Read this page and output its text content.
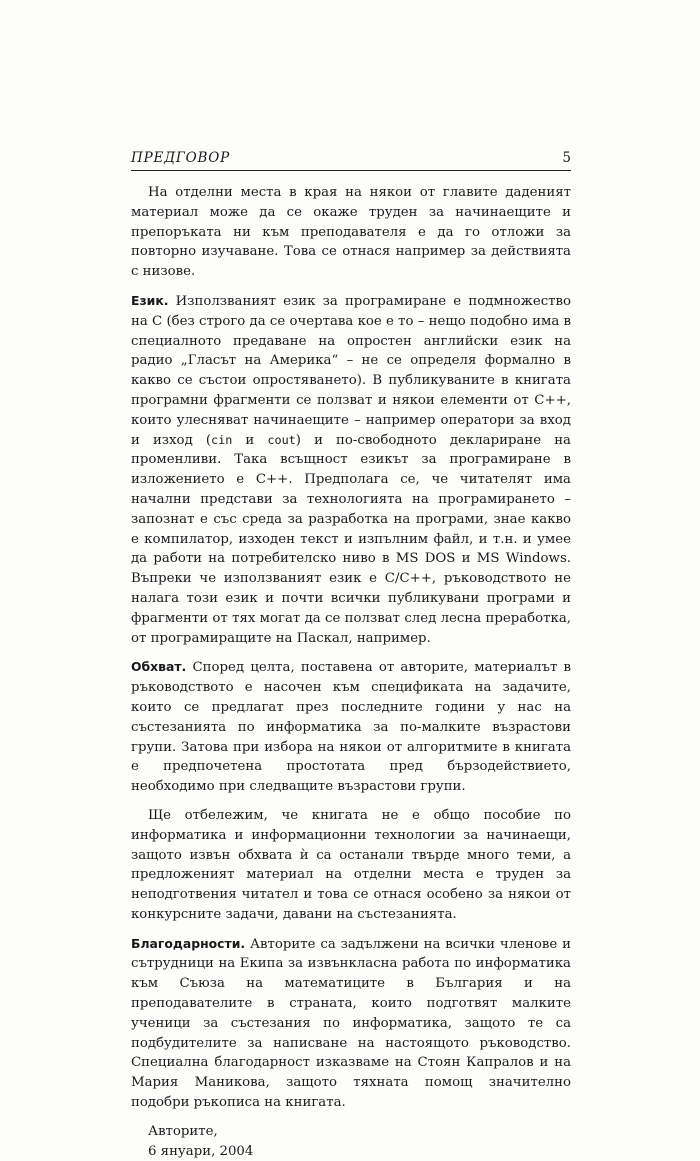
ПРЕДГОВОР	5

На отделни места в края на някои от главите даденият материал може да се окаже труден за начинаещите и препоръката ни към преподавателя е да го отложи за повторно изучаване. Това се отнася например за действията с низове.

Език. Използваният език за програмиране е подмножество на C (без строго да се очертава кое е то – нещо подобно има в специалното предаване на опростен английски език на радио „Гласът на Америка“ – не се определя формално в какво се състои опростяването). В публикуваните в книгата програмни фрагменти се ползват и някои елементи от C++, които улесняват начинаещите – например оператори за вход и изход (cin и cout) и по-свободното деклариране на променливи. Така всъщност езикът за програмиране в изложението е C++. Предполага се, че читателят има начални представи за технологията на програмирането – запознат е със среда за разработка на програми, знае какво е компилатор, изходен текст и изпълним файл, и т.н. и умее да работи на потребителско ниво в MS DOS и MS Windows. Въпреки че използваният език е C/C++, ръководството не налага този език и почти всички публикувани програми и фрагменти от тях могат да се ползват след лесна преработка, от програмиращите на Паскал, например.

Обхват. Според целта, поставена от авторите, материалът в ръководството е насочен към спецификата на задачите, които се предлагат през последните години у нас на състезанията по информатика за по-малките възрастови групи. Затова при избора на някои от алгоритмите в книгата е предпочетена простотата пред бързодействието, необходимо при следващите възрастови групи.

Ще отбележим, че книгата не е общо пособие по информатика и информационни технологии за начинаещи, защото извън обхвата ѝ са останали твърде много теми, а предложеният материал на отделни места е труден за неподготвения читател и това се отнася особено за някои от конкурсните задачи, давани на състезанията.

Благодарности. Авторите са задължени на всички членове и сътрудници на Екипа за извънкласна работа по информатика към Съюза на математиците в България и на преподавателите в страната, които подготвят малките ученици за състезания по информатика, защото те са подбудителите за написване на настоящото ръководство. Специална благодарност изказваме на Стоян Капралов и на Мария Маникова, защото тяхната помощ значително подобри ръкописа на книгата.

Авторите,
6 януари, 2004
